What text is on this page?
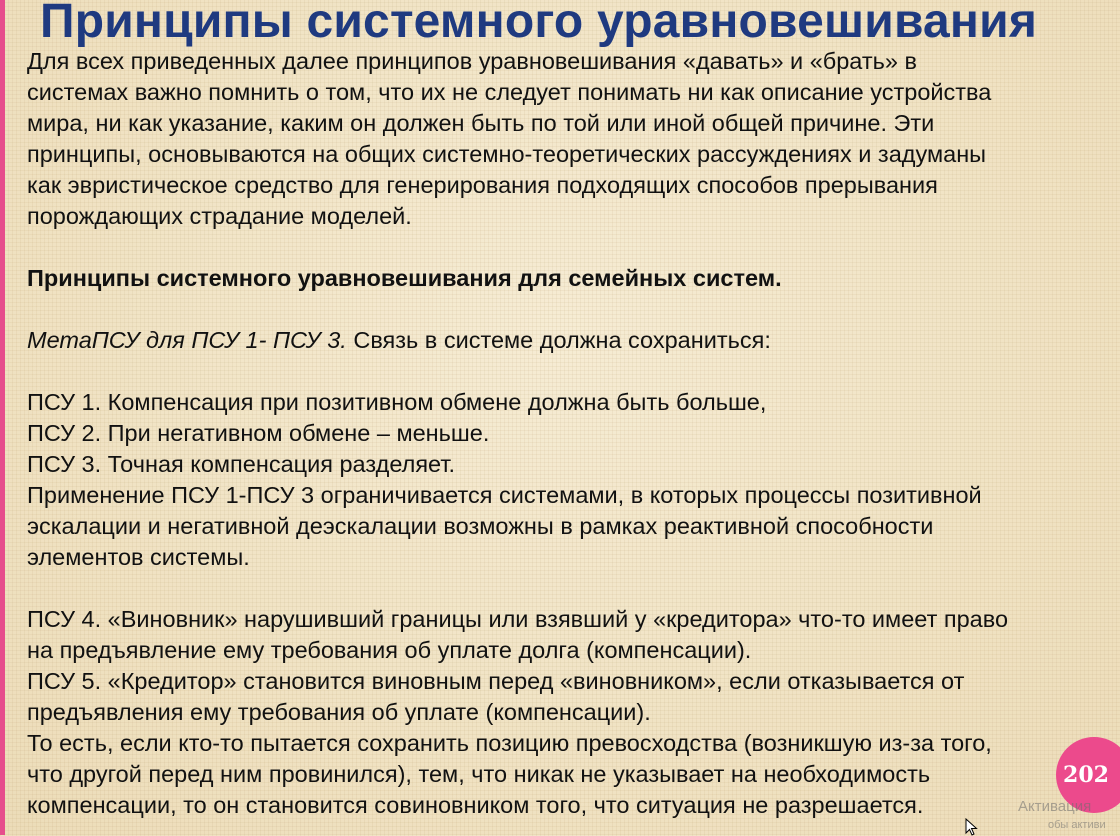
Принципы системного уравновешивания

Для всех приведенных далее принципов уравновешивания «давать» и «брать» в
системах важно помнить о том, что их не следует понимать ни как описание устройства
мира, ни как указание, каким он должен быть по той или иной общей причине. Эти
принципы, основываются на общих системно-теоретических рассуждениях и задуманы
как эвристическое средство для генерирования подходящих способов прерывания
порождающих страдание моделей.

Принципы системного уравновешивания для семейных систем.

МетаПСУ для ПСУ 1- ПСУ 3. Связь в системе должна сохраниться:

ПСУ 1. Компенсация при позитивном обмене должна быть больше,

ПСУ 2. При негативном обмене – меньше.

ПСУ 3. Точная компенсация разделяет.

Применение ПСУ 1-ПСУ 3 ограничивается системами, в которых процессы позитивной
эскалации и негативной деэскалации возможны в рамках реактивной способности
элементов системы.

ПСУ 4. «Виновник» нарушивший границы или взявший у «кредитора» что-то имеет право
на предъявление ему требования об уплате долга (компенсации).

ПСУ 5. «Кредитор» становится виновным перед «виновником», если отказывается от
предъявления ему требования об уплате (компенсации).

То есть, если кто-то пытается сохранить позицию превосходства (возникшую из-за того,
что другой перед ним провинился), тем, что никак не указывает на необходимость
компенсации, то он становится совиновником того, что ситуация не разрешается.

202
Активация
обы активи
